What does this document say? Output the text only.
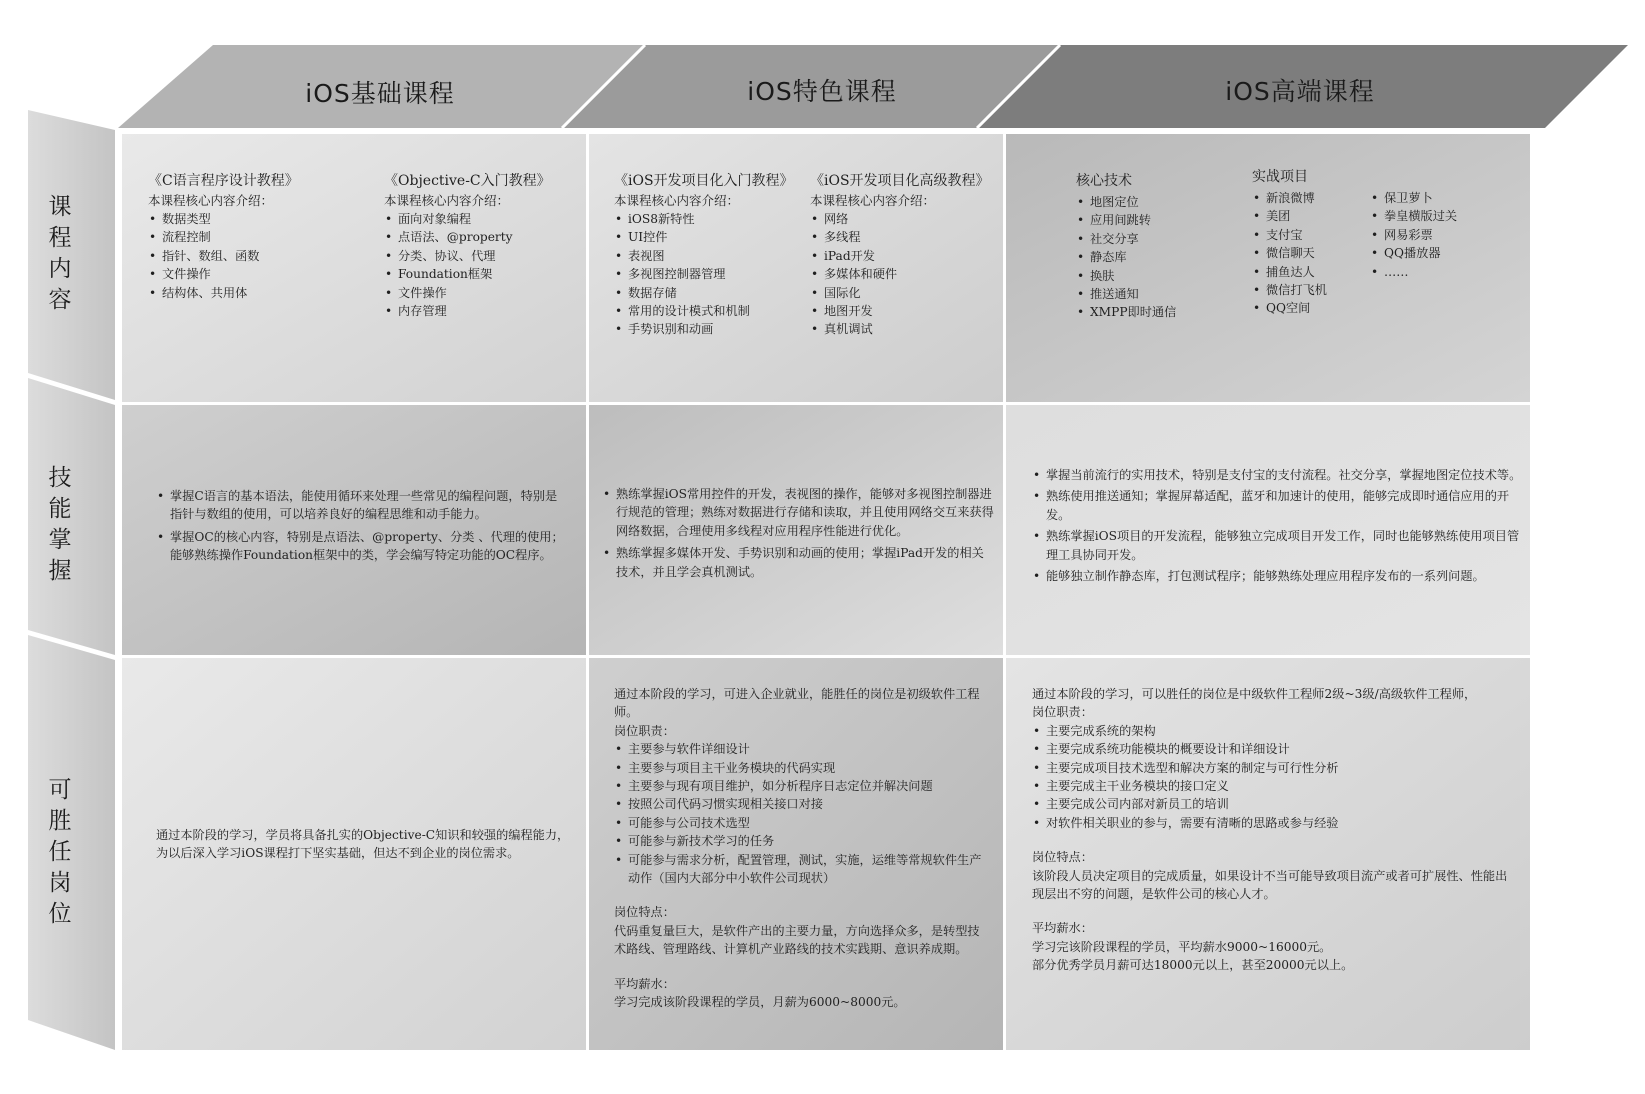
iOS基础课程	iOS特色课程	iOS高端课程
课程内容
技能掌握
可胜任岗位
《C语言程序设计教程》
本课程核心内容介绍：
• 数据类型
• 流程控制
• 指针、数组、函数
• 文件操作
• 结构体、共用体
《Objective-C入门教程》
本课程核心内容介绍：
• 面向对象编程
• 点语法、@property
• 分类、协议、代理
• Foundation框架
• 文件操作
• 内存管理
《iOS开发项目化入门教程》
本课程核心内容介绍：
• iOS8新特性
• UI控件
• 表视图
• 多视图控制器管理
• 数据存储
• 常用的设计模式和机制
• 手势识别和动画
《iOS开发项目化高级教程》
本课程核心内容介绍：
• 网络
• 多线程
• iPad开发
• 多媒体和硬件
• 国际化
• 地图开发
• 真机调试
核心技术
• 地图定位
• 应用间跳转
• 社交分享
• 静态库
• 换肤
• 推送通知
• XMPP即时通信
实战项目
• 新浪微博
• 美团
• 支付宝
• 微信聊天
• 捕鱼达人
• 微信打飞机
• QQ空间
• 保卫萝卜
• 拳皇横版过关
• 网易彩票
• QQ播放器
• ……
• 掌握C语言的基本语法，能使用循环来处理一些常见的编程问题，特别是指针与数组的使用，可以培养良好的编程思维和动手能力。
• 掌握OC的核心内容，特别是点语法、@property、分类 、代理的使用；能够熟练操作Foundation框架中的类，学会编写特定功能的OC程序。
• 熟练掌握iOS常用控件的开发，表视图的操作，能够对多视图控制器进行规范的管理；熟练对数据进行存储和读取，并且使用网络交互来获得网络数据，合理使用多线程对应用程序性能进行优化。
• 熟练掌握多媒体开发、手势识别和动画的使用；掌握iPad开发的相关技术，并且学会真机测试。
• 掌握当前流行的实用技术，特别是支付宝的支付流程。社交分享，掌握地图定位技术等。
• 熟练使用推送通知；掌握屏幕适配，蓝牙和加速计的使用，能够完成即时通信应用的开发。
• 熟练掌握iOS项目的开发流程，能够独立完成项目开发工作，同时也能够熟练使用项目管理工具协同开发。
• 能够独立制作静态库，打包测试程序；能够熟练处理应用程序发布的一系列问题。

通过本阶段的学习，学员将具备扎实的Objective-C知识和较强的编程能力，为以后深入学习iOS课程打下坚实基础，但达不到企业的岗位需求。

通过本阶段的学习，可进入企业就业，能胜任的岗位是初级软件工程师。

岗位职责：
• 主要参与软件详细设计
• 主要参与项目主干业务模块的代码实现
• 主要参与现有项目维护，如分析程序日志定位并解决问题
• 按照公司代码习惯实现相关接口对接
• 可能参与公司技术选型
• 可能参与新技术学习的任务
• 可能参与需求分析，配置管理，测试，实施，运维等常规软件生产动作（国内大部分中小软件公司现状）
岗位特点：

代码重复量巨大，是软件产出的主要力量，方向选择众多，是转型技术路线、管理路线、计算机产业路线的技术实践期、意识养成期。

平均薪水：

学习完成该阶段课程的学员，月薪为6000~8000元。

通过本阶段的学习，可以胜任的岗位是中级软件工程师2级~3级/高级软件工程师，

岗位职责：
• 主要完成系统的架构
• 主要完成系统功能模块的概要设计和详细设计
• 主要完成项目技术选型和解决方案的制定与可行性分析
• 主要完成主干业务模块的接口定义
• 主要完成公司内部对新员工的培训
• 对软件相关职业的参与，需要有清晰的思路或参与经验
岗位特点：

该阶段人员决定项目的完成质量，如果设计不当可能导致项目流产或者可扩展性、性能出现层出不穷的问题，是软件公司的核心人才。

平均薪水：

学习完该阶段课程的学员，平均薪水9000~16000元。

部分优秀学员月薪可达18000元以上，甚至20000元以上。
